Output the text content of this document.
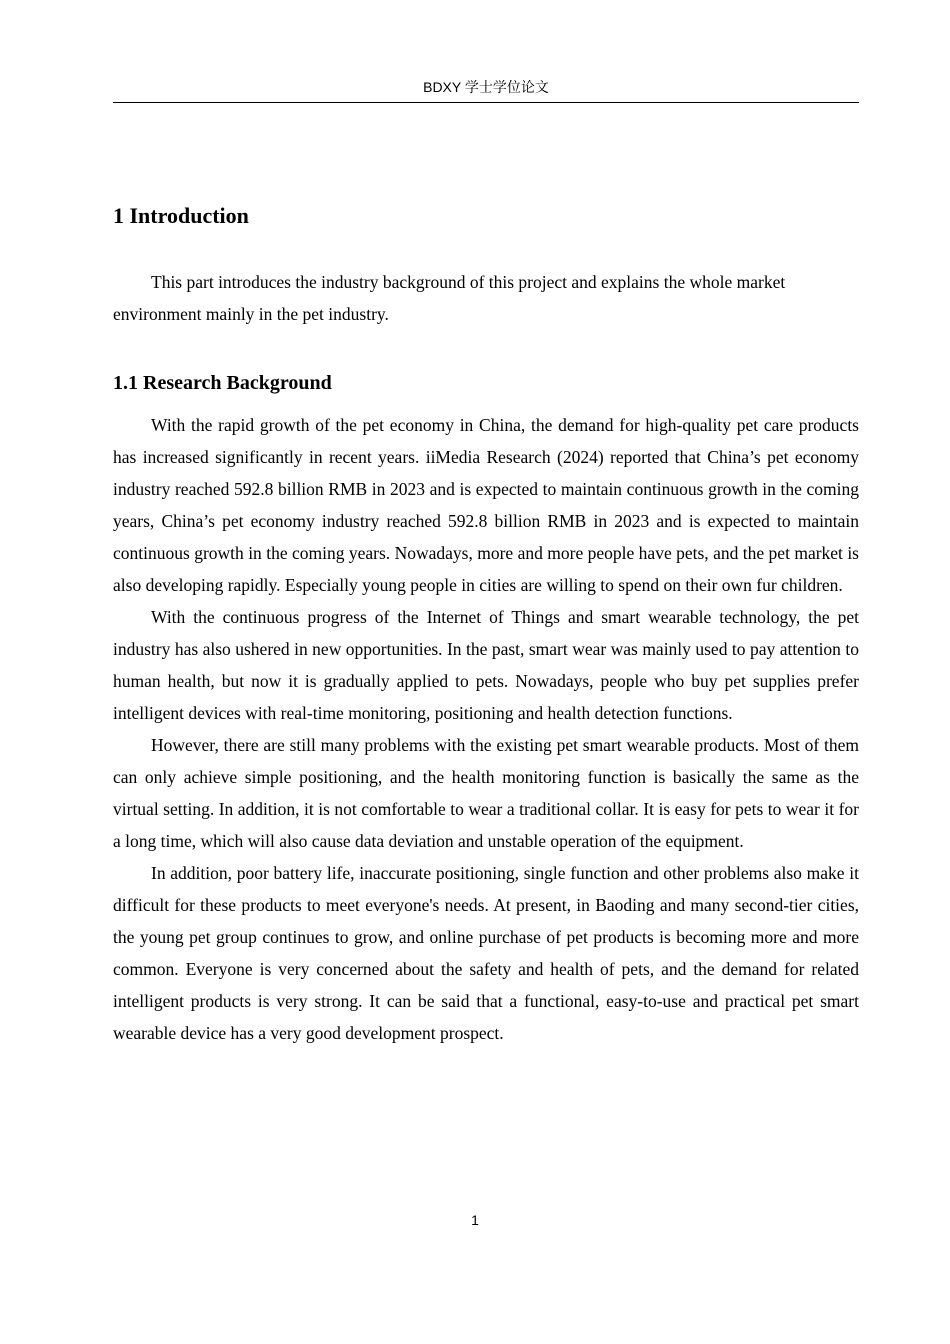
BDXY 学士学位论文
1 Introduction

This part introduces the industry background of this project and explains the whole market environment mainly in the pet industry.

1.1 Research Background

With the rapid growth of the pet economy in China, the demand for high-quality pet care products has increased significantly in recent years. iiMedia Research (2024) reported that China’s pet economy industry reached 592.8 billion RMB in 2023 and is expected to maintain continuous growth in the coming years, China’s pet economy industry reached 592.8 billion RMB in 2023 and is expected to maintain continuous growth in the coming years. Nowadays, more and more people have pets, and the pet market is also developing rapidly. Especially young people in cities are willing to spend on their own fur children.

With the continuous progress of the Internet of Things and smart wearable technology, the pet industry has also ushered in new opportunities. In the past, smart wear was mainly used to pay attention to human health, but now it is gradually applied to pets. Nowadays, people who buy pet supplies prefer intelligent devices with real-time monitoring, positioning and health detection functions.

However, there are still many problems with the existing pet smart wearable products. Most of them can only achieve simple positioning, and the health monitoring function is basically the same as the virtual setting. In addition, it is not comfortable to wear a traditional collar. It is easy for pets to wear it for a long time, which will also cause data deviation and unstable operation of the equipment.

In addition, poor battery life, inaccurate positioning, single function and other problems also make it difficult for these products to meet everyone's needs. At present, in Baoding and many second-tier cities, the young pet group continues to grow, and online purchase of pet products is becoming more and more common. Everyone is very concerned about the safety and health of pets, and the demand for related intelligent products is very strong. It can be said that a functional, easy-to-use and practical pet smart wearable device has a very good development prospect.

1
